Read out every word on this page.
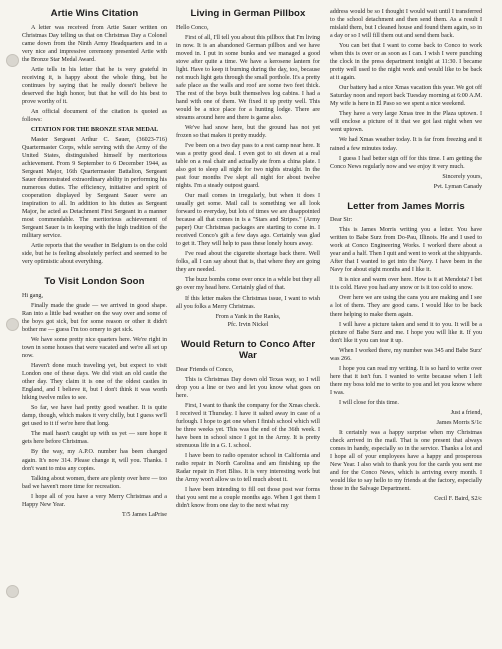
Artie Wins Citation

A letter was received from Artie Sauer written on Christmas Day telling us that on Christmas Day a Colonel came down from the Ninth Army Headquarters and in a very nice and impressive ceremony presented Artie with the Bronze Star Medal Award.

Artie tells in his letter that he is very grateful in receiving it, is happy about the whole thing, but he continues by saying that he really doesn't believe he deserved the high honor, but that he will do his best to prove worthy of it.

An official document of the citation is quoted as follows:

CITATION FOR THE BRONZE STAR MEDAL

Master Sergeant Arthur C. Sauer, (36023-716) Quartermaster Corps, while serving with the Army of the United States, distinguished himself by meritorious achievement. From 9 September to 6 December 1944, as Sergeant Major, 16th Quartermaster Battalion, Sergeant Sauer demonstrated extraordinary ability in performing his numerous duties. The efficiency, initiative and spirit of cooperation displayed by Sergeant Sauer were an inspiration to all. In addition to his duties as Sergeant Major, he acted as Detachment First Sergeant in a manner most commendable. The meritorious achievement of Sergeant Sauer is in keeping with the high tradition of the military service.

Artie reports that the weather in Belgium is on the cold side, but he is feeling absolutely perfect and seemed to be very optimistic about everything.

To Visit London Soon

Hi gang,

Finally made the grade — we arrived in good shape. Ran into a little bad weather on the way over and some of the boys got sick, but for some reason or other it didn't bother me — guess I'm too ornery to get sick.

We have some pretty nice quarters here. We're right in town in some houses that were vacated and we're all set up now.

Haven't done much traveling yet, but expect to visit London one of these days. We did visit an old castle the other day. They claim it is one of the oldest castles in England, and I believe it, but I don't think it was worth hiking twelve miles to see.

So far, we have had pretty good weather. It is quite damp, though, which makes it very chilly, but I guess we'll get used to it if we're here that long.

The mail hasn't caught up with us yet — sure hope it gets here before Christmas.

By the way, my A.P.O. number has been changed again. It's now 314. Please change it, will you. Thanks. I don't want to miss any copies.

Talking about women, there are plenty over here — too bad we haven't more time for recreation.

I hope all of you have a very Merry Christmas and a Happy New Year.

T/5 James LaPrise
Living in German Pillbox

Hello Conco,

First of all, I'll tell you about this pillbox that I'm living in now. It is an abandoned German pillbox and we have moved in. I put in some bunks and we managed a good stove after quite a time. We have a kerosene lantern for light. Have to keep it burning during the day, too, because not much light gets through the small porthole. It's a pretty safe place as the walls and roof are some two feet thick. The rest of the boys built themselves log cabins. I had a hand with one of them. We fixed it up pretty well. This would be a nice place for a hunting lodge. There are streams around here and there is game also.

We've had snow here, but the ground has not yet frozen so that makes it pretty muddy.

I've been on a two day pass to a rest camp near here. It was a pretty good deal. I even got to sit down at a real table on a real chair and actually ate from a china plate. I also got to sleep all night for two nights straight. In the past four months I've slept all night for about twelve nights. I'm a steady outpost guard.

Our mail comes in irregularly, but when it does I usually get some. Mail call is something we all look forward to everyday, but lots of times we are disappointed because all that comes in is a "Stars and Stripes." (Army paper) Our Christmas packages are starting to come in. I received Conco's gift a few days ago. Certainly was glad to get it. They will help to pass these lonely hours away.

I've read about the cigarette shortage back there. Well folks, all I can say about that is, that where they are going they are needed.

The buzz bombs come over once in a while but they all go over my head here. Certainly glad of that.

If this letter makes the Christmas issue, I want to wish all you folks a Merry Christmas.

From a Yank in the Ranks,
Pfc. Irvin Nickel
Would Return to Conco After War

Dear Friends of Conco,

This is Christmas Day down old Texas way, so I will drop you a line or two and let you know what goes on here.

First, I want to thank the company for the Xmas check. I received it Thursday. I have it salted away in case of a furlough. I hope to get one when I finish school which will be three weeks yet. This was the end of the 36th week. I have been in school since I got in the Army. It is pretty strenuous life in a G. I. school.

I have been to radio operator school in California and radio repair in North Carolina and am finishing up the Radar repair in Fort Bliss. It is very interesting work but the Army won't allow us to tell much about it.

I have been intending to fill out those post war forms that you sent me a couple months ago. When I got them I didn't know from one day to the next what my

address would be so I thought I would wait until I transferred to the school detachment and then send them. As a result I mislaid them, but I cleaned house and found them again, so in a day or so I will fill them out and send them back.

You can bet that I want to come back to Conco to work when this is over or as soon as I can. I wish I were punching the clock in the press department tonight at 11:30. I became pretty well used to the night work and would like to be back at it again.

Our battery had a nice Xmas vacation this year. We got off Saturday noon and report back Tuesday morning at 6:00 A.M. My wife is here in El Paso so we spent a nice weekend.

They have a very large Xmas tree in the Plaza uptown. I will enclose a picture of it that we got last night when we went uptown.

We had Xmas weather today. It is far from freezing and it rained a few minutes today.

I guess I had better sign off for this time. I am getting the Conco News regularly now and we enjoy it very much.

Sincerely yours,
Pvt. Lyman Canady
Letter from James Morris

Dear Sir:

This is James Morris writing you a letter. You have written to Babe Surz from Do-Pau, Illinois. He and I used to work at Conco Engineering Works. I worked there about a year and a half. Then I quit and went to work at the shipyards. After that I wanted to get into the Navy. I have been in the Navy for about eight months and I like it.

It is nice and warm over here. How is it at Mendota? I bet it is cold. Have you had any snow or is it too cold to snow.

Over here we are using the cans you are making and I see a lot of them. They are good cans. I would like to be back there helping to make them again.

I will have a picture taken and send it to you. It will be a picture of Babe Surz and me. I hope you will like it. If you don't like it you can tear it up.

When I worked there, my number was 345 and Babe Surz' was 266.

I hope you can read my writing. It is so hard to write over here that it isn't fun. I wanted to write because when I left there my boss told me to write to you and let you know where I was.

I will close for this time.

Just a friend,
James Morris S/1c

It certainly was a happy surprise when my Christmas check arrived in the mail. That is one present that always comes in handy, especially so in the service. Thanks a lot and I hope all of your employees have a happy and prosperous New Year. I also wish to thank you for the cards you sent me and for the Conco News, which is arriving every month. I would like to say hello to my friends at the factory, especially those in the Salvage Department.

Cecil F. Baird, S2/c
